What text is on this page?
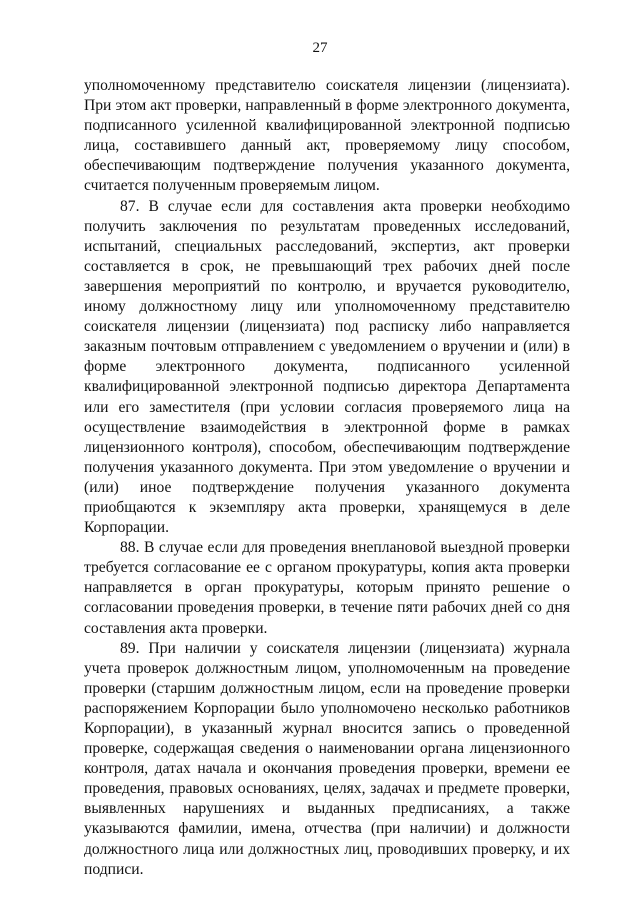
27

уполномоченному представителю соискателя лицензии (лицензиата). При этом акт проверки, направленный в форме электронного документа, подписанного усиленной квалифицированной электронной подписью лица, составившего данный акт, проверяемому лицу способом, обеспечивающим подтверждение получения указанного документа, считается полученным проверяемым лицом.

87. В случае если для составления акта проверки необходимо получить заключения по результатам проведенных исследований, испытаний, специальных расследований, экспертиз, акт проверки составляется в срок, не превышающий трех рабочих дней после завершения мероприятий по контролю, и вручается руководителю, иному должностному лицу или уполномоченному представителю соискателя лицензии (лицензиата) под расписку либо направляется заказным почтовым отправлением с уведомлением о вручении и (или) в форме электронного документа, подписанного усиленной квалифицированной электронной подписью директора Департамента или его заместителя (при условии согласия проверяемого лица на осуществление взаимодействия в электронной форме в рамках лицензионного контроля), способом, обеспечивающим подтверждение получения указанного документа. При этом уведомление о вручении и (или) иное подтверждение получения указанного документа приобщаются к экземпляру акта проверки, хранящемуся в деле Корпорации.

88. В случае если для проведения внеплановой выездной проверки требуется согласование ее с органом прокуратуры, копия акта проверки направляется в орган прокуратуры, которым принято решение о согласовании проведения проверки, в течение пяти рабочих дней со дня составления акта проверки.

89. При наличии у соискателя лицензии (лицензиата) журнала учета проверок должностным лицом, уполномоченным на проведение проверки (старшим должностным лицом, если на проведение проверки распоряжением Корпорации было уполномочено несколько работников Корпорации), в указанный журнал вносится запись о проведенной проверке, содержащая сведения о наименовании органа лицензионного контроля, датах начала и окончания проведения проверки, времени ее проведения, правовых основаниях, целях, задачах и предмете проверки, выявленных нарушениях и выданных предписаниях, а также указываются фамилии, имена, отчества (при наличии) и должности должностного лица или должностных лиц, проводивших проверку, и их подписи.
